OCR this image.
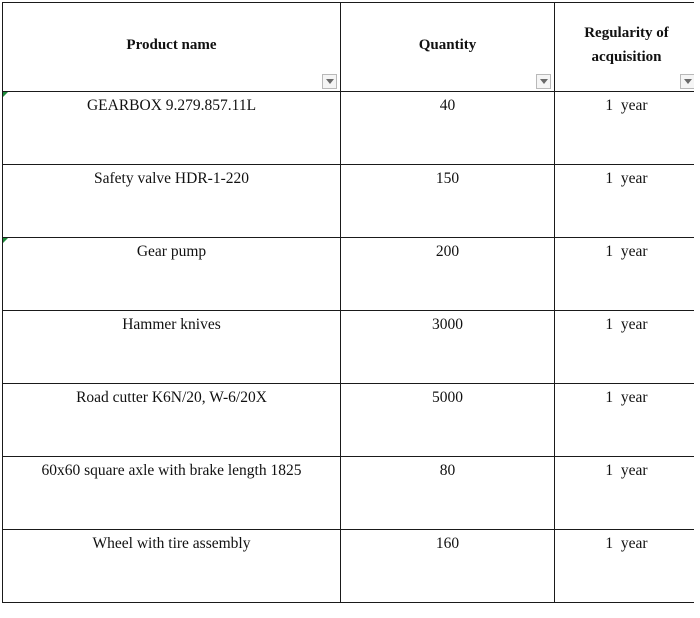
Product name	Quantity	Regularity of acquisition

GEARBOX 9.279.857.11L	40	1  year

Safety valve HDR-1-220	150	1  year

Gear pump	200	1  year

Hammer knives	3000	1  year

Road cutter K6N/20, W-6/20X	5000	1  year

60x60 square axle with brake length 1825	80	1  year

Wheel with tire assembly	160	1  year
